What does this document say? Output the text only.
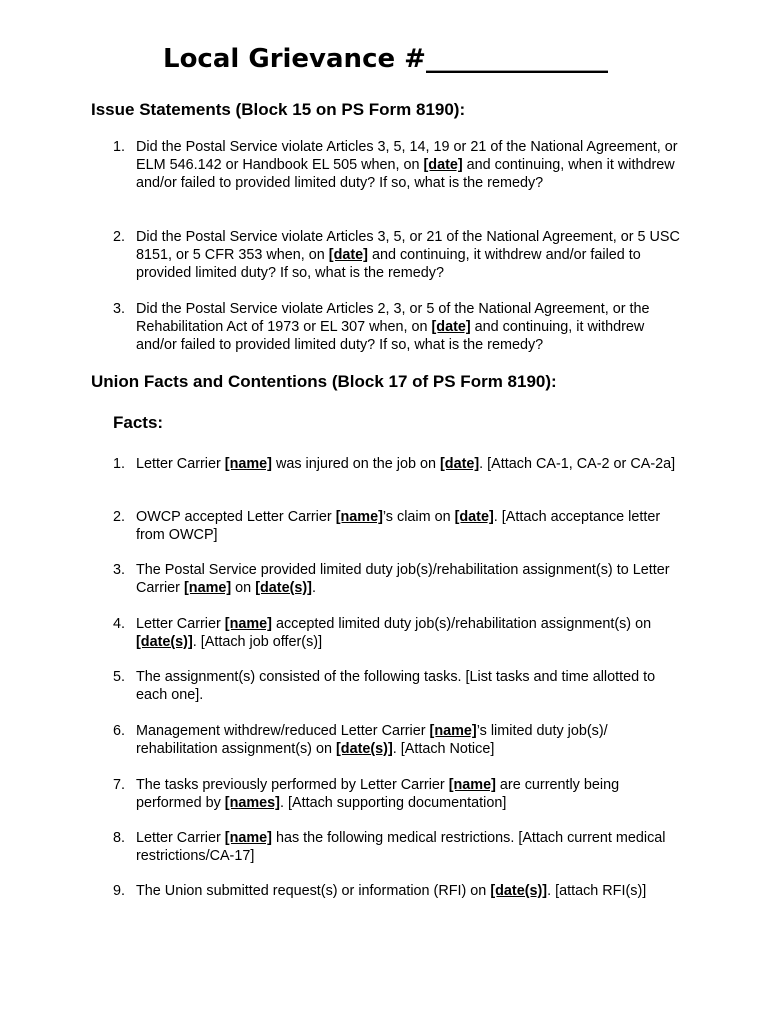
Local Grievance #______________
Issue Statements (Block 15 on PS Form 8190):
1. Did the Postal Service violate Articles 3, 5, 14, 19 or 21 of the National Agreement, or ELM 546.142 or Handbook EL 505 when, on [date] and continuing, when it withdrew and/or failed to provided limited duty? If so, what is the remedy?
2. Did the Postal Service violate Articles 3, 5, or 21 of the National Agreement, or 5 USC 8151, or 5 CFR 353 when, on [date] and continuing, it withdrew and/or failed to provided limited duty? If so, what is the remedy?
3. Did the Postal Service violate Articles 2, 3, or 5 of the National Agreement, or the Rehabilitation Act of 1973 or EL 307 when, on [date] and continuing, it withdrew and/or failed to provided limited duty? If so, what is the remedy?
Union Facts and Contentions (Block 17 of PS Form 8190):
Facts:
1. Letter Carrier [name] was injured on the job on [date]. [Attach CA-1, CA-2 or CA-2a]
2. OWCP accepted Letter Carrier [name]’s claim on [date]. [Attach acceptance letter from OWCP]
3. The Postal Service provided limited duty job(s)/rehabilitation assignment(s) to Letter Carrier [name] on [date(s)].
4. Letter Carrier [name] accepted limited duty job(s)/rehabilitation assignment(s) on [date(s)]. [Attach job offer(s)]
5. The assignment(s) consisted of the following tasks. [List tasks and time allotted to each one].
6. Management withdrew/reduced Letter Carrier [name]’s limited duty job(s)/ rehabilitation assignment(s) on [date(s)]. [Attach Notice]
7. The tasks previously performed by Letter Carrier [name] are currently being performed by [names]. [Attach supporting documentation]
8. Letter Carrier [name] has the following medical restrictions. [Attach current medical restrictions/CA-17]
9. The Union submitted request(s) or information (RFI) on [date(s)]. [attach RFI(s)]
